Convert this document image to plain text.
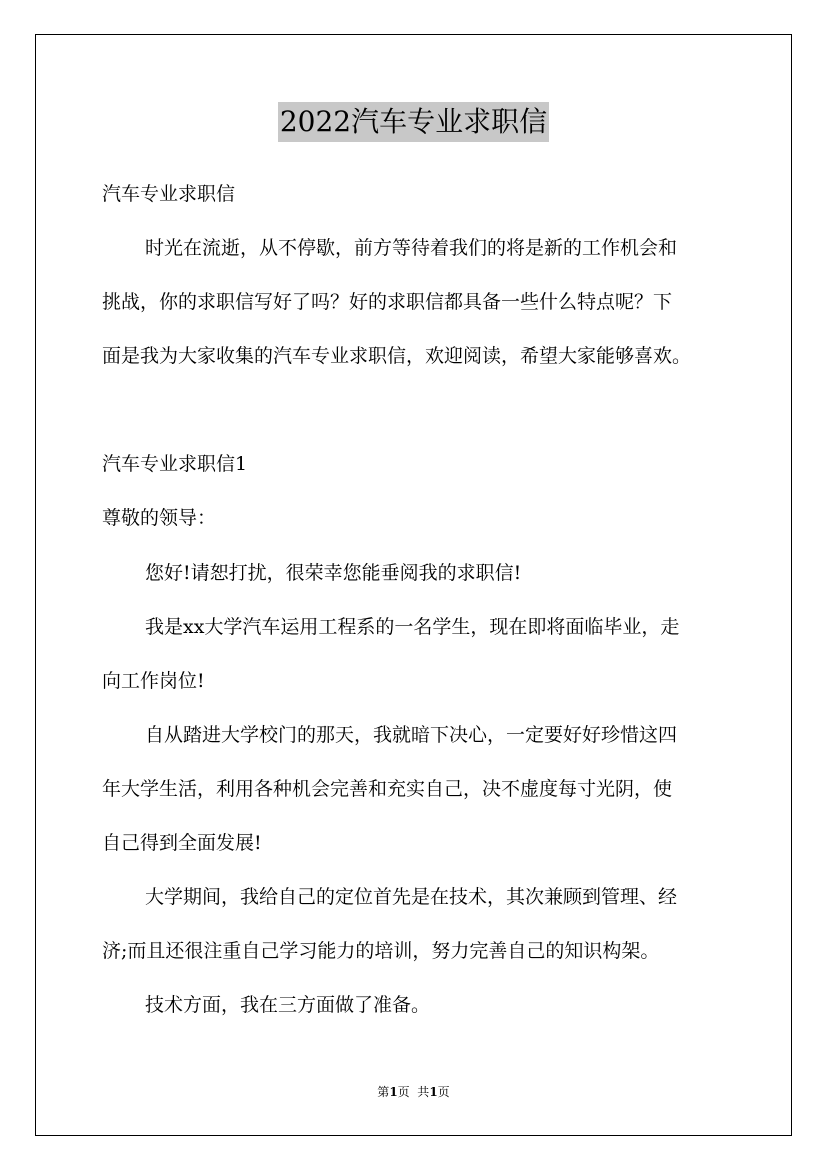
2022汽车专业求职信
汽车专业求职信
时光在流逝，从不停歇，前方等待着我们的将是新的工作机会和
挑战，你的求职信写好了吗？好的求职信都具备一些什么特点呢？下
面是我为大家收集的汽车专业求职信，欢迎阅读，希望大家能够喜欢。
汽车专业求职信1
尊敬的领导：
您好!请恕打扰，很荣幸您能垂阅我的求职信!
我是xx大学汽车运用工程系的一名学生，现在即将面临毕业，走
向工作岗位!
自从踏进大学校门的那天，我就暗下决心，一定要好好珍惜这四
年大学生活，利用各种机会完善和充实自己，决不虚度每寸光阴，使
自己得到全面发展!
大学期间，我给自己的定位首先是在技术，其次兼顾到管理、经
济;而且还很注重自己学习能力的培训，努力完善自己的知识构架。
技术方面，我在三方面做了准备。
第1页  共1页
